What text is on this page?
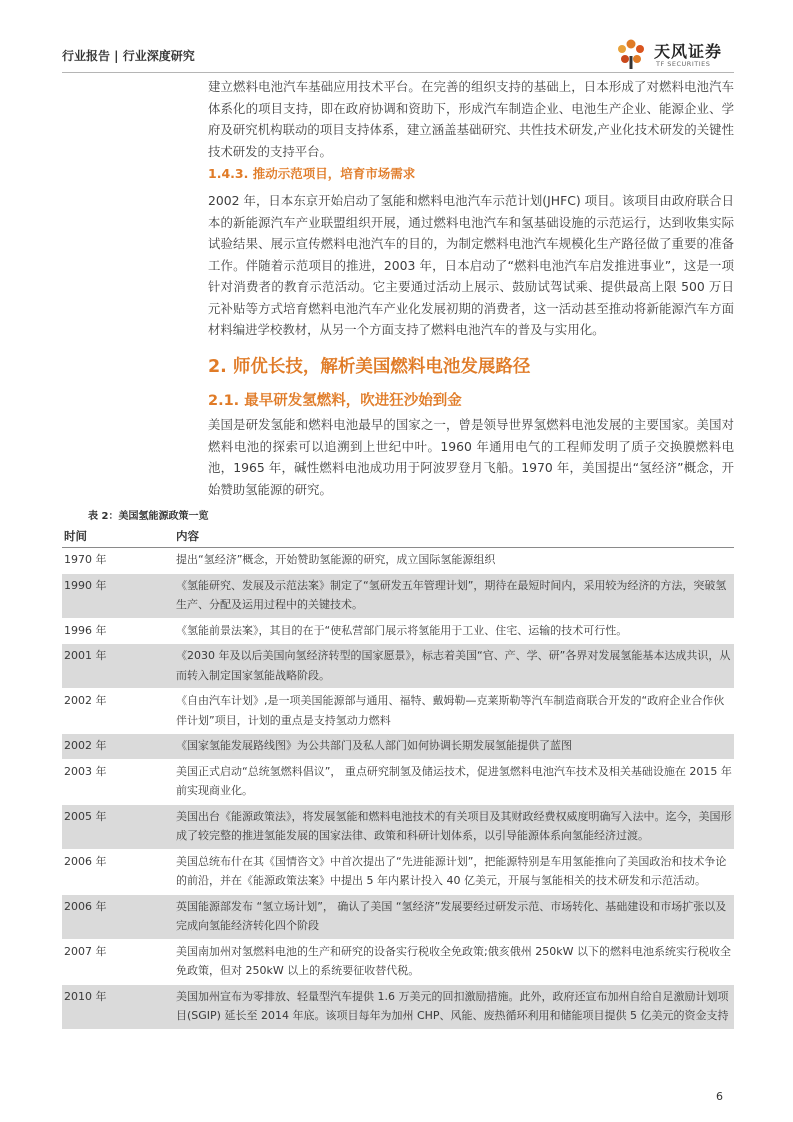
行业报告 | 行业深度研究	天风证券
TF SECURITIES

建立燃料电池汽车基础应用技术平台。在完善的组织支持的基础上，日本形成了对燃料电池汽车体系化的项目支持，即在政府协调和资助下，形成汽车制造企业、电池生产企业、能源企业、学府及研究机构联动的项目支持体系，建立涵盖基础研究、共性技术研发,产业化技术研发的关键性技术研发的支持平台。

1.4.3. 推动示范项目，培育市场需求

2002 年，日本东京开始启动了氢能和燃料电池汽车示范计划(JHFC) 项目。该项目由政府联合日本的新能源汽车产业联盟组织开展，通过燃料电池汽车和氢基础设施的示范运行，达到收集实际试验结果、展示宣传燃料电池汽车的目的，为制定燃料电池汽车规模化生产路径做了重要的准备工作。伴随着示范项目的推进，2003 年，日本启动了“燃料电池汽车启发推进事业”，这是一项针对消费者的教育示范活动。它主要通过活动上展示、鼓励试驾试乘、提供最高上限 500 万日元补贴等方式培育燃料电池汽车产业化发展初期的消费者，这一活动甚至推动将新能源汽车方面材料编进学校教材，从另一个方面支持了燃料电池汽车的普及与实用化。

2. 师优长技，解析美国燃料电池发展路径
2.1. 最早研发氢燃料，吹进狂沙始到金

美国是研发氢能和燃料电池最早的国家之一，曾是领导世界氢燃料电池发展的主要国家。美国对燃料电池的探索可以追溯到上世纪中叶。1960 年通用电气的工程师发明了质子交换膜燃料电池，1965 年，碱性燃料电池成功用于阿波罗登月飞船。1970 年，美国提出“氢经济”概念，开始赞助氢能源的研究。

表 2：美国氢能源政策一览
时间	内容
1970 年	提出“氢经济”概念，开始赞助氢能源的研究，成立国际氢能源组织
1990 年	《氢能研究、发展及示范法案》制定了“氢研发五年管理计划”，期待在最短时间内，采用较为经济的方法，突破氢生产、分配及运用过程中的关键技术。
1996 年	《氢能前景法案》，其目的在于“使私营部门展示将氢能用于工业、住宅、运输的技术可行性。
2001 年	《2030 年及以后美国向氢经济转型的国家愿景》，标志着美国“官、产、学、研”各界对发展氢能基本达成共识，从而转入制定国家氢能战略阶段。
2002 年	《自由汽车计划》,是一项美国能源部与通用、福特、戴姆勒—克莱斯勒等汽车制造商联合开发的“政府企业合作伙伴计划”项目，计划的重点是支持氢动力燃料
2002 年	《国家氢能发展路线图》为公共部门及私人部门如何协调长期发展氢能提供了蓝图
2003 年	美国正式启动“总统氢燃料倡议”， 重点研究制氢及储运技术，促进氢燃料电池汽车技术及相关基础设施在 2015 年前实现商业化。
2005 年	美国出台《能源政策法》，将发展氢能和燃料电池技术的有关项目及其财政经费权威度明确写入法中。迄今，美国形成了较完整的推进氢能发展的国家法律、政策和科研计划体系，以引导能源体系向氢能经济过渡。
2006 年	美国总统布什在其《国情咨文》中首次提出了“先进能源计划”，把能源特别是车用氢能推向了美国政治和技术争论的前沿，并在《能源政策法案》中提出 5 年内累计投入 40 亿美元，开展与氢能相关的技术研发和示范活动。
2006 年	英国能源部发布 “氢立场计划”， 确认了美国 “氢经济”发展要经过研发示范、市场转化、基础建设和市场扩张以及完成向氢能经济转化四个阶段
2007 年	美国南加州对氢燃料电池的生产和研究的设备实行税收全免政策;俄亥俄州 250kW 以下的燃料电池系统实行税收全免政策，但对 250kW 以上的系统要征收替代税。
2010 年	美国加州宣布为零排放、轻量型汽车提供 1.6 万美元的回扣激励措施。此外，政府还宣布加州自给自足激励计划项目(SGIP) 延长至 2014 年底。该项目每年为加州 CHP、风能、废热循环利用和储能项目提供 5 亿美元的资金支持
6
